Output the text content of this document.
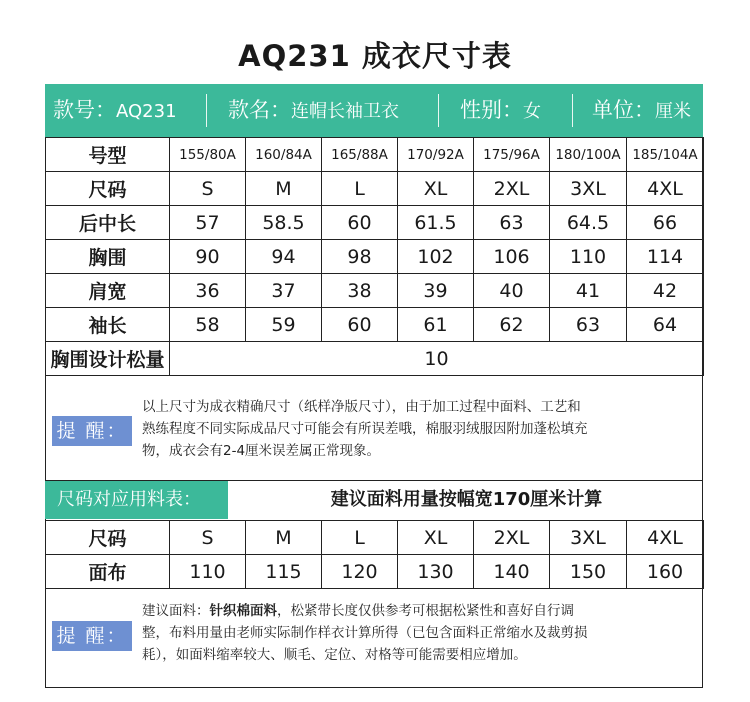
AQ231 成衣尺寸表
款号：AQ231 款名：连帽长袖卫衣	性别：女 单位：厘米
号型	155/80A	160/84A	165/88A	170/92A	175/96A	180/100A	185/104A
尺码	S	M	L	XL	2XL	3XL	4XL
后中长	57	58.5	60	61.5	63	64.5	66
胸围	90	94	98	102	106	110	114
肩宽	36	37	38	39	40	41	42
袖长	58	59	60	61	62	63	64
胸围设计松量	10						
提 醒：
以上尺寸为成衣精确尺寸（纸样净版尺寸），由于加工过程中面料、工艺和
熟练程度不同实际成品尺寸可能会有所误差哦，棉服羽绒服因附加蓬松填充
物，成衣会有2-4厘米误差属正常现象。
尺码对应用料表：	建议面料用量按幅宽170厘米计算
尺码	S	M	L	XL	2XL	3XL	4XL
面布	110	115	120	130	140	150	160
提 醒：
建议面料：针织棉面料，松紧带长度仅供参考可根据松紧性和喜好自行调
整，布料用量由老师实际制作样衣计算所得（已包含面料正常缩水及裁剪损
耗），如面料缩率较大、顺毛、定位、对格等可能需要相应增加。
